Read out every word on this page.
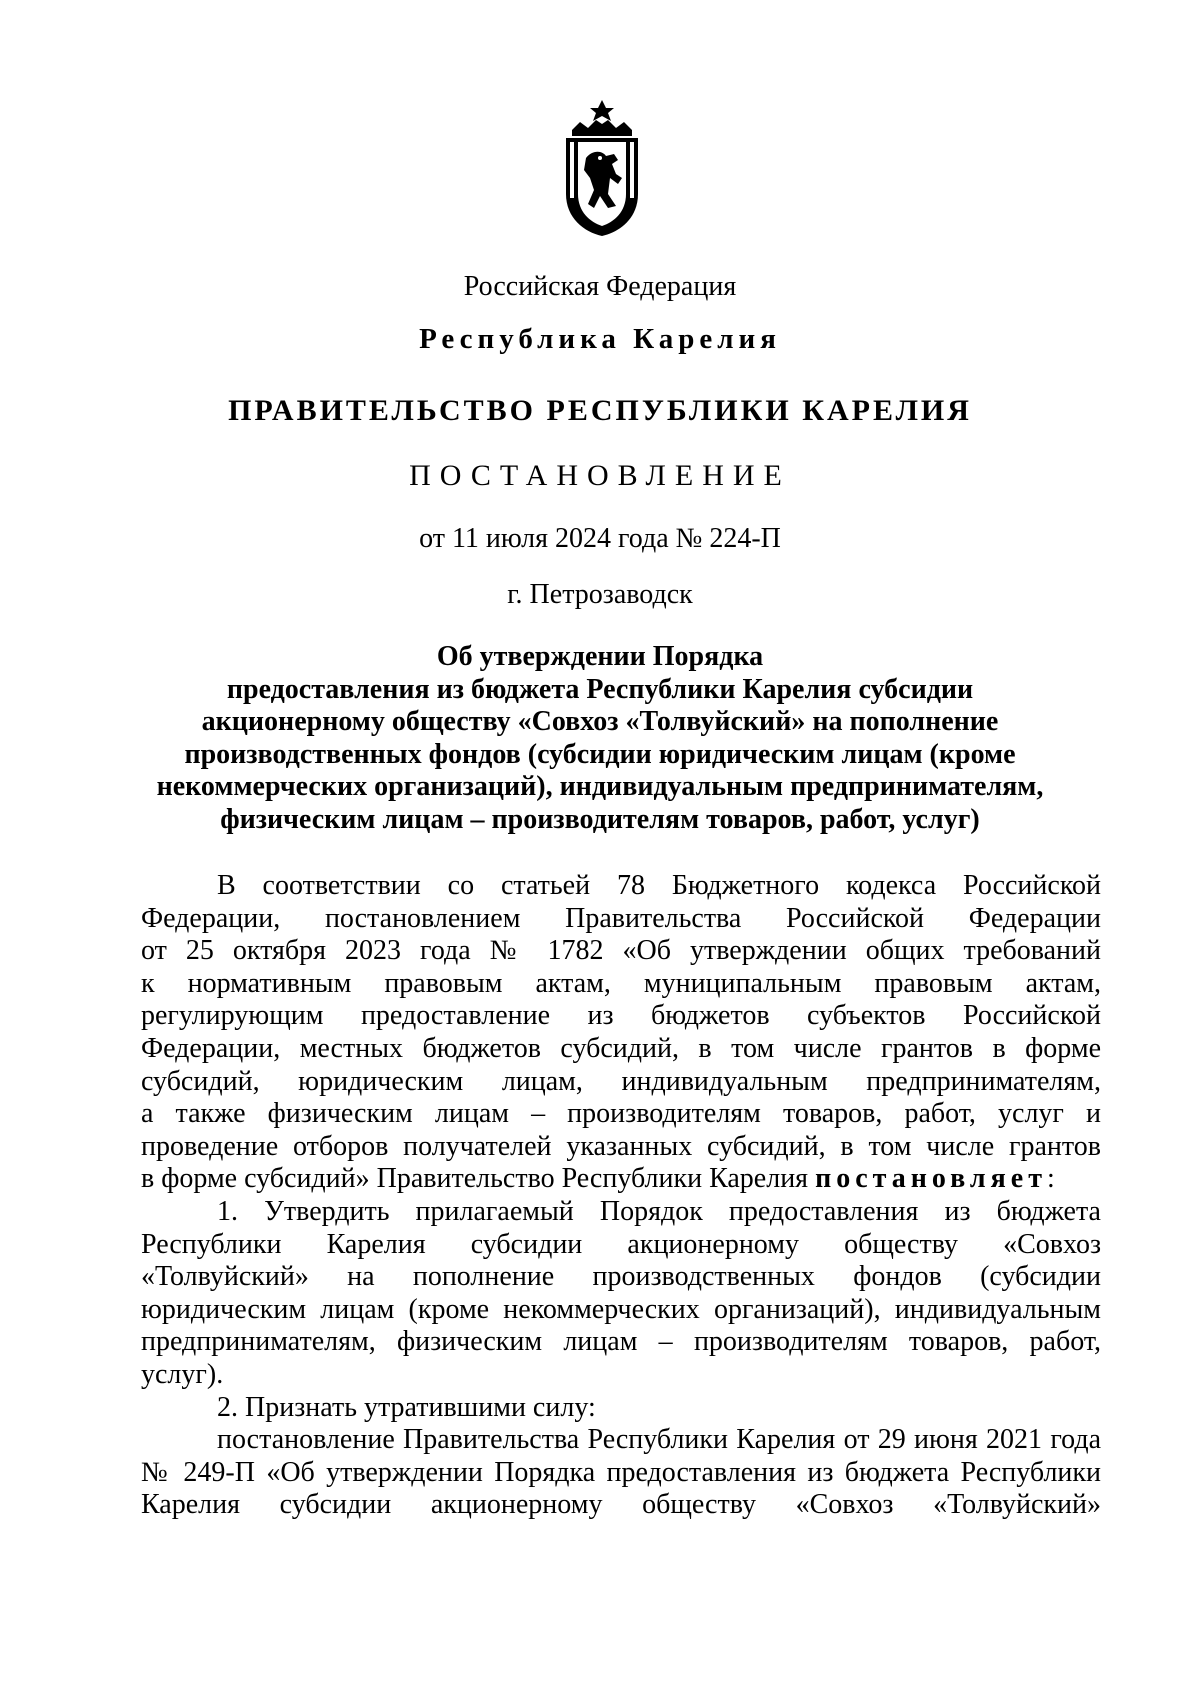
Российская Федерация
Республика Карелия
ПРАВИТЕЛЬСТВО РЕСПУБЛИКИ КАРЕЛИЯ
ПОСТАНОВЛЕНИЕ
от 11 июля 2024 года № 224-П
г. Петрозаводск
Об утверждении Порядка
предоставления из бюджета Республики Карелия субсидии
акционерному обществу «Совхоз «Толвуйский» на пополнение
производственных фондов (субсидии юридическим лицам (кроме
некоммерческих организаций), индивидуальным предпринимателям,
физическим лицам – производителям товаров, работ, услуг)
В соответствии со статьей 78 Бюджетного кодекса Российской
Федерации, постановлением Правительства Российской Федерации
от 25 октября 2023 года № 1782 «Об утверждении общих требований
к нормативным правовым актам, муниципальным правовым актам,
регулирующим предоставление из бюджетов субъектов Российской
Федерации, местных бюджетов субсидий, в том числе грантов в форме
субсидий, юридическим лицам, индивидуальным предпринимателям,
а также физическим лицам – производителям товаров, работ, услуг и
проведение отборов получателей указанных субсидий, в том числе грантов
в форме субсидий» Правительство Республики Карелия постановляет:
1. Утвердить прилагаемый Порядок предоставления из бюджета
Республики Карелия субсидии акционерному обществу «Совхоз
«Толвуйский» на пополнение производственных фондов (субсидии
юридическим лицам (кроме некоммерческих организаций), индивидуальным
предпринимателям, физическим лицам – производителям товаров, работ,
услуг).
2. Признать утратившими силу:
постановление Правительства Республики Карелия от 29 июня 2021 года
№ 249-П «Об утверждении Порядка предоставления из бюджета Республики
Карелия субсидии акционерному обществу «Совхоз «Толвуйский»
